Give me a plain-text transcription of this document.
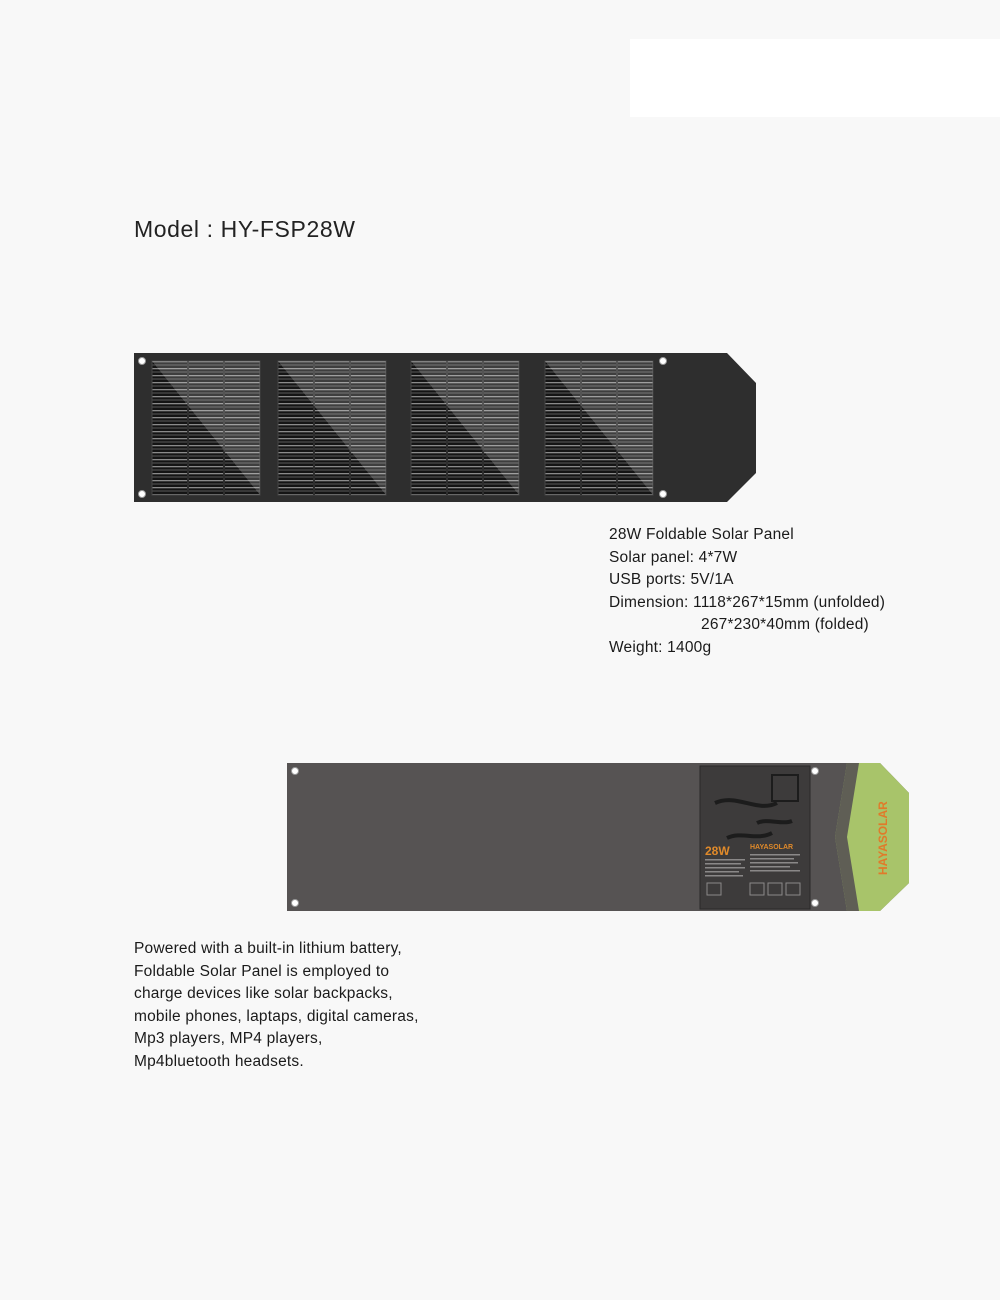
Model : HY-FSP28W
28W Foldable Solar Panel
Solar panel: 4*7W
USB ports: 5V/1A
Dimension: 1118*267*15mm (unfolded)
267*230*40mm (folded)
Weight: 1400g
28W	HAYASOLAR	HAYASOLAR
Powered with a built-in lithium battery,
Foldable Solar Panel is employed to
charge devices like solar backpacks,
mobile phones, laptaps, digital cameras,
Mp3 players, MP4 players,
Mp4bluetooth headsets.
